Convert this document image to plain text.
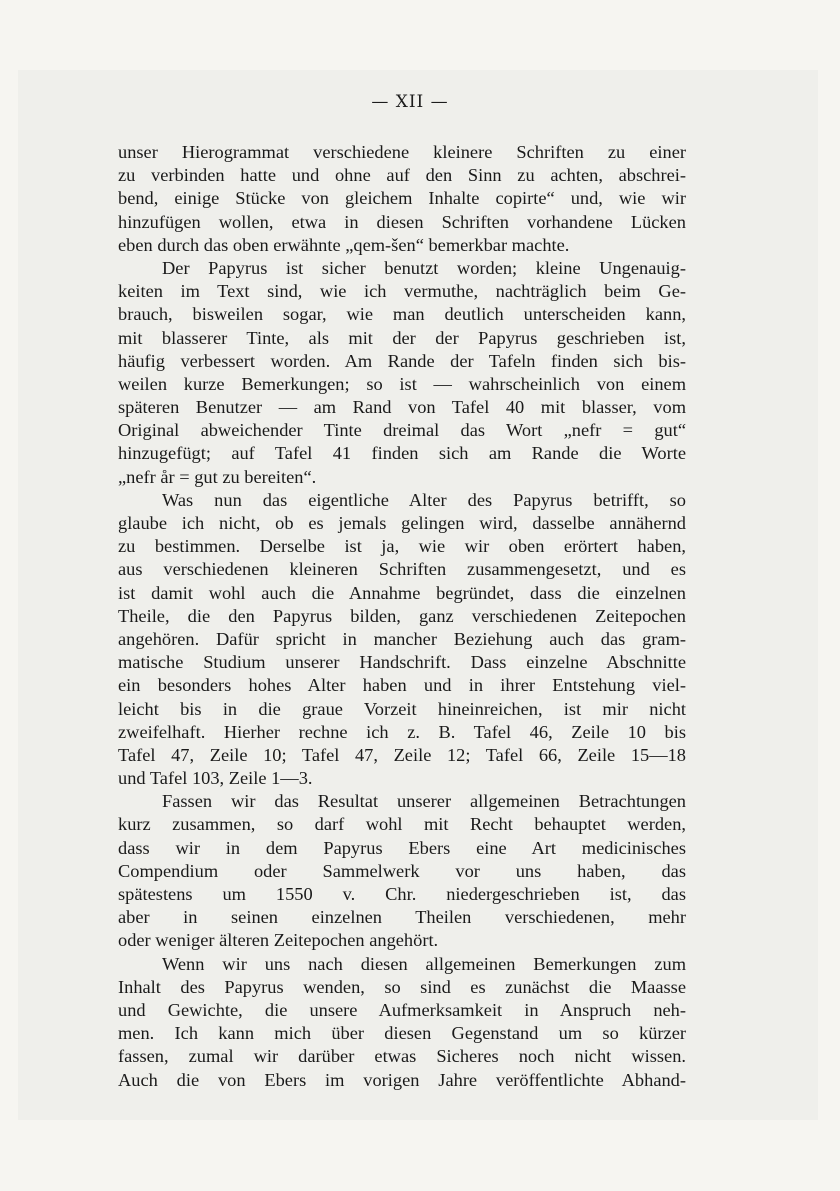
— XII —
unser Hierogrammat verschiedene kleinere Schriften zu einer
zu verbinden hatte und ohne auf den Sinn zu achten, abschrei-
bend, einige Stücke von gleichem Inhalte copirte“ und, wie wir
hinzufügen wollen, etwa in diesen Schriften vorhandene Lücken
eben durch das oben erwähnte „qem-šen“ bemerkbar machte.
Der Papyrus ist sicher benutzt worden; kleine Ungenauig-
keiten im Text sind, wie ich vermuthe, nachträglich beim Ge-
brauch, bisweilen sogar, wie man deutlich unterscheiden kann,
mit blasserer Tinte, als mit der der Papyrus geschrieben ist,
häufig verbessert worden. Am Rande der Tafeln finden sich bis-
weilen kurze Bemerkungen; so ist — wahrscheinlich von einem
späteren Benutzer — am Rand von Tafel 40 mit blasser, vom
Original abweichender Tinte dreimal das Wort „nefr = gut“
hinzugefügt; auf Tafel 41 finden sich am Rande die Worte
„nefr år = gut zu bereiten“.
Was nun das eigentliche Alter des Papyrus betrifft, so
glaube ich nicht, ob es jemals gelingen wird, dasselbe annähernd
zu bestimmen. Derselbe ist ja, wie wir oben erörtert haben,
aus verschiedenen kleineren Schriften zusammengesetzt, und es
ist damit wohl auch die Annahme begründet, dass die einzelnen
Theile, die den Papyrus bilden, ganz verschiedenen Zeitepochen
angehören. Dafür spricht in mancher Beziehung auch das gram-
matische Studium unserer Handschrift. Dass einzelne Abschnitte
ein besonders hohes Alter haben und in ihrer Entstehung viel-
leicht bis in die graue Vorzeit hineinreichen, ist mir nicht
zweifelhaft. Hierher rechne ich z. B. Tafel 46, Zeile 10 bis
Tafel 47, Zeile 10; Tafel 47, Zeile 12; Tafel 66, Zeile 15—18
und Tafel 103, Zeile 1—3.
Fassen wir das Resultat unserer allgemeinen Betrachtungen
kurz zusammen, so darf wohl mit Recht behauptet werden,
dass wir in dem Papyrus Ebers eine Art medicinisches
Compendium oder Sammelwerk vor uns haben, das
spätestens um 1550 v. Chr. niedergeschrieben ist, das
aber in seinen einzelnen Theilen verschiedenen, mehr
oder weniger älteren Zeitepochen angehört.
Wenn wir uns nach diesen allgemeinen Bemerkungen zum
Inhalt des Papyrus wenden, so sind es zunächst die Maasse
und Gewichte, die unsere Aufmerksamkeit in Anspruch neh-
men. Ich kann mich über diesen Gegenstand um so kürzer
fassen, zumal wir darüber etwas Sicheres noch nicht wissen.
Auch die von Ebers im vorigen Jahre veröffentlichte Abhand-
